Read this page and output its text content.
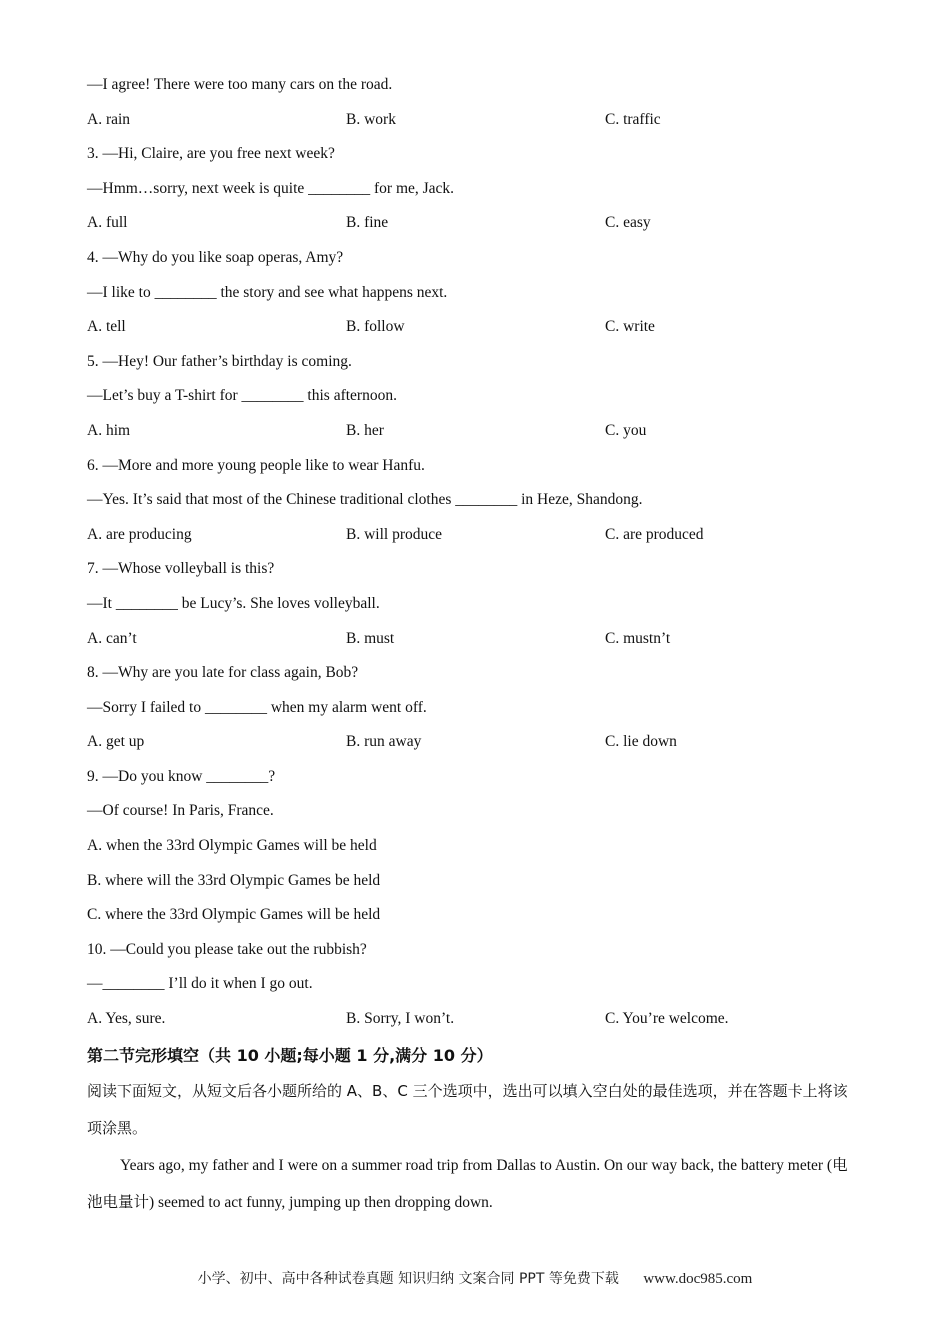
—I agree! There were too many cars on the road.
A. rain	B. work	C. traffic
3. —Hi, Claire, are you free next week?
—Hmm…sorry, next week is quite ________ for me, Jack.
A. full	B. fine	C. easy
4. —Why do you like soap operas, Amy?
—I like to ________ the story and see what happens next.
A. tell	B. follow	C. write
5. —Hey! Our father’s birthday is coming.
—Let’s buy a T-shirt for ________ this afternoon.
A. him	B. her	C. you
6. —More and more young people like to wear Hanfu.
—Yes. It’s said that most of the Chinese traditional clothes ________ in Heze, Shandong.
A. are producing	B. will produce	C. are produced
7. —Whose volleyball is this?
—It ________ be Lucy’s. She loves volleyball.
A. can’t	B. must	C. mustn’t
8. —Why are you late for class again, Bob?
—Sorry I failed to ________ when my alarm went off.
A. get up	B. run away	C. lie down
9. —Do you know ________?
—Of course! In Paris, France.
A. when the 33rd Olympic Games will be held
B. where will the 33rd Olympic Games be held
C. where the 33rd Olympic Games will be held
10. —Could you please take out the rubbish?
—________ I’ll do it when I go out.
A. Yes, sure.	B. Sorry, I won’t.	C. You’re welcome.
第二节完形填空（共 10 小题;每小题 1 分,满分 10 分）
阅读下面短文，从短文后各小题所给的 A、B、C 三个选项中，选出可以填入空白处的最佳选项，并在答题卡上将该项涂黑。
Years ago, my father and I were on a summer road trip from Dallas to Austin. On our way back, the battery meter (电池电量计) seemed to act funny, jumping up then dropping down.
小学、初中、高中各种试卷真题 知识归纳 文案合同 PPT 等免费下载 www.doc985.com
